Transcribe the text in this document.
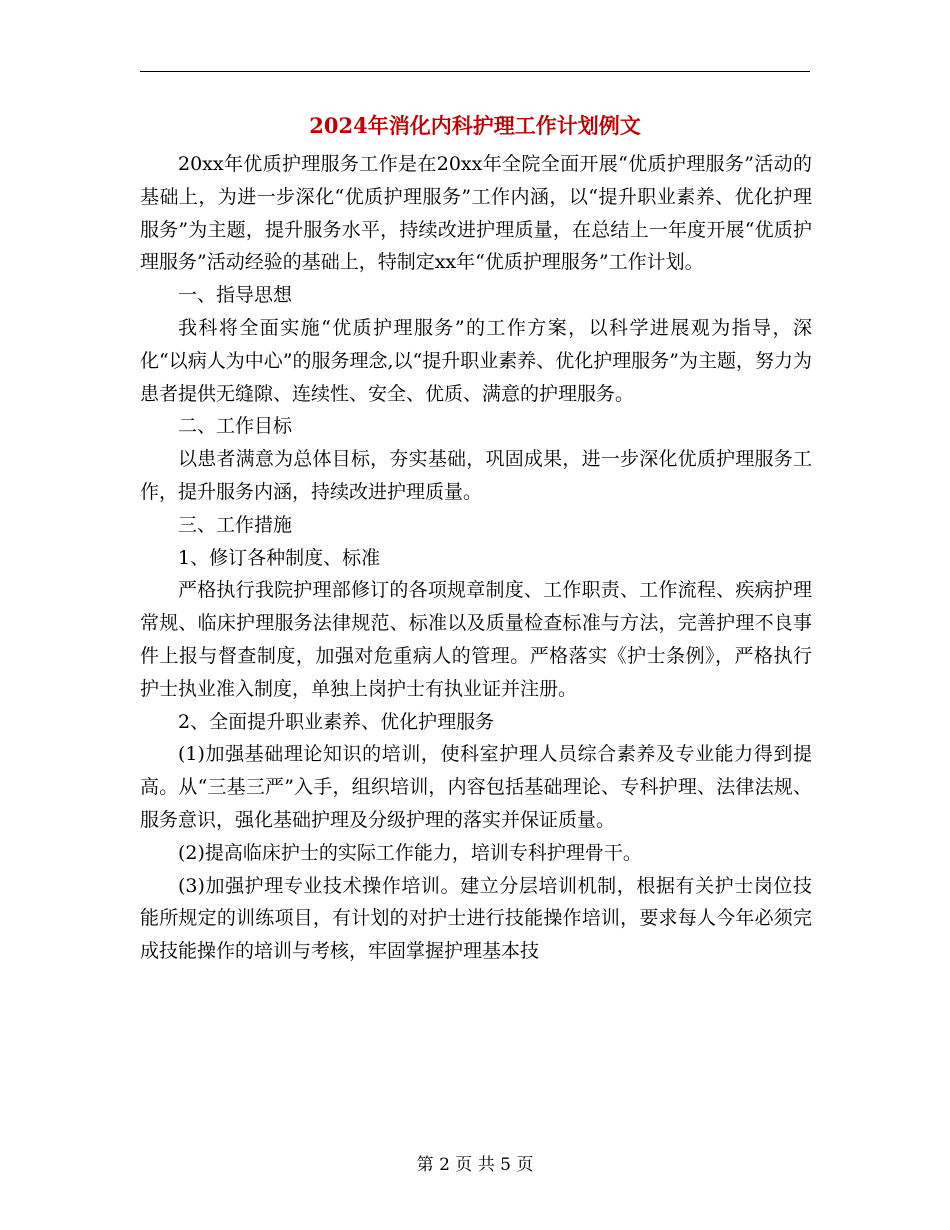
2024年消化内科护理工作计划例文

20xx年优质护理服务工作是在20xx年全院全面开展“优质护理服务”活动的基础上，为进一步深化“优质护理服务”工作内涵，以“提升职业素养、优化护理服务”为主题，提升服务水平，持续改进护理质量，在总结上一年度开展“优质护理服务”活动经验的基础上，特制定xx年“优质护理服务”工作计划。

一、指导思想

我科将全面实施“优质护理服务”的工作方案，以科学进展观为指导，深化“以病人为中心”的服务理念,以“提升职业素养、优化护理服务”为主题，努力为患者提供无缝隙、连续性、安全、优质、满意的护理服务。

二、工作目标

以患者满意为总体目标，夯实基础，巩固成果，进一步深化优质护理服务工作，提升服务内涵，持续改进护理质量。

三、工作措施

1、修订各种制度、标准

严格执行我院护理部修订的各项规章制度、工作职责、工作流程、疾病护理常规、临床护理服务法律规范、标准以及质量检查标准与方法，完善护理不良事件上报与督查制度，加强对危重病人的管理。严格落实《护士条例》，严格执行护士执业准入制度，单独上岗护士有执业证并注册。

2、全面提升职业素养、优化护理服务

(1)加强基础理论知识的培训，使科室护理人员综合素养及专业能力得到提高。从“三基三严”入手，组织培训，内容包括基础理论、专科护理、法律法规、服务意识，强化基础护理及分级护理的落实并保证质量。

(2)提高临床护士的实际工作能力，培训专科护理骨干。

(3)加强护理专业技术操作培训。建立分层培训机制，根据有关护士岗位技能所规定的训练项目，有计划的对护士进行技能操作培训，要求每人今年必须完成技能操作的培训与考核，牢固掌握护理基本技

第 2 页 共 5 页
